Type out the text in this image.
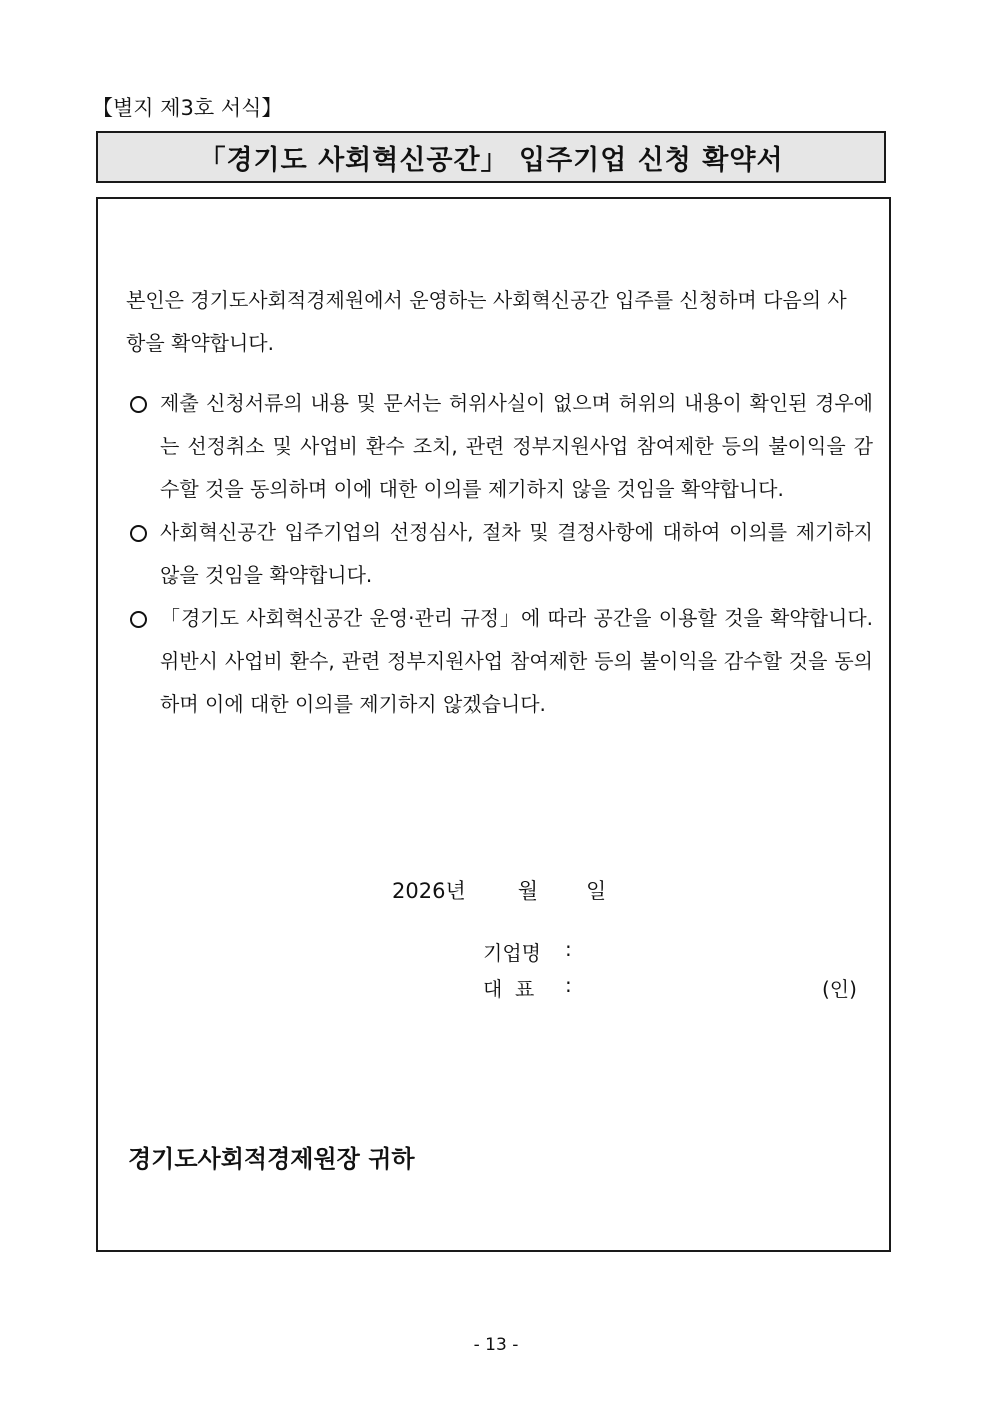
【별지 제3호 서식】
「경기도 사회혁신공간」 입주기업 신청 확약서

본인은 경기도사회적경제원에서 운영하는 사회혁신공간 입주를 신청하며 다음의 사항을 확약합니다.

제출 신청서류의 내용 및 문서는 허위사실이 없으며 허위의 내용이 확인된 경우에는 선정취소 및 사업비 환수 조치, 관련 정부지원사업 참여제한 등의 불이익을 감수할 것을 동의하며 이에 대한 이의를 제기하지 않을 것임을 확약합니다.
사회혁신공간 입주기업의 선정심사, 절차 및 결정사항에 대하여 이의를 제기하지 않을 것임을 확약합니다.
「경기도 사회혁신공간 운영·관리 규정」에 따라 공간을 이용할 것을 확약합니다. 위반시 사업비 환수, 관련 정부지원사업 참여제한 등의 불이익을 감수할 것을 동의하며 이에 대한 이의를 제기하지 않겠습니다.
2026년 월 일
기업명	:
대  표	:	(인)
경기도사회적경제원장 귀하
- 13 -
